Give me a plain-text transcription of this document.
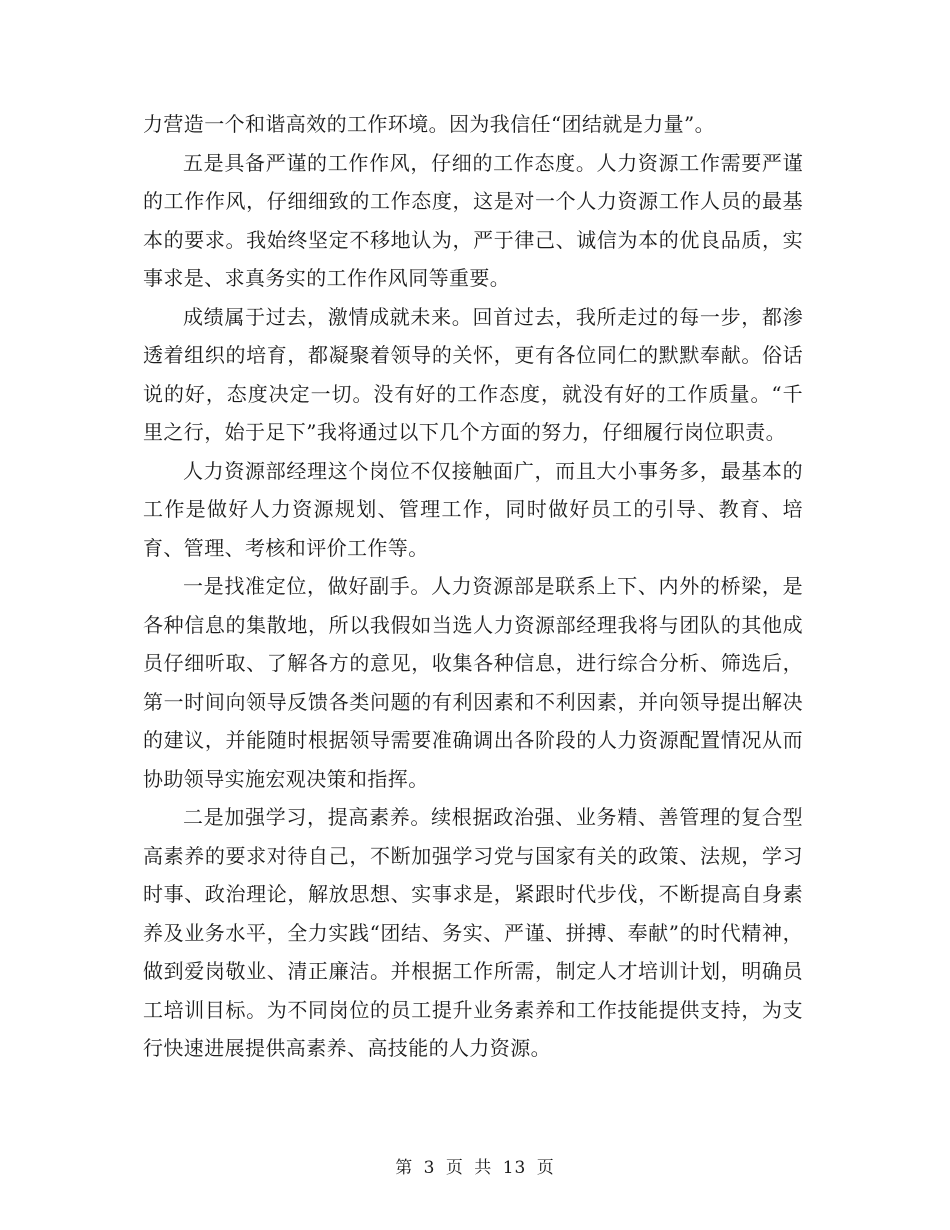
力营造一个和谐高效的工作环境。因为我信任“团结就是力量”。

五是具备严谨的工作作风，仔细的工作态度。人力资源工作需要严谨的工作作风，仔细细致的工作态度，这是对一个人力资源工作人员的最基本的要求。我始终坚定不移地认为，严于律己、诚信为本的优良品质，实事求是、求真务实的工作作风同等重要。

成绩属于过去，激情成就未来。回首过去，我所走过的每一步，都渗透着组织的培育，都凝聚着领导的关怀，更有各位同仁的默默奉献。俗话说的好，态度决定一切。没有好的工作态度，就没有好的工作质量。“千里之行，始于足下”我将通过以下几个方面的努力，仔细履行岗位职责。

人力资源部经理这个岗位不仅接触面广，而且大小事务多，最基本的工作是做好人力资源规划、管理工作，同时做好员工的引导、教育、培育、管理、考核和评价工作等。

一是找准定位，做好副手。人力资源部是联系上下、内外的桥梁，是各种信息的集散地，所以我假如当选人力资源部经理我将与团队的其他成员仔细听取、了解各方的意见，收集各种信息，进行综合分析、筛选后，第一时间向领导反馈各类问题的有利因素和不利因素，并向领导提出解决的建议，并能随时根据领导需要准确调出各阶段的人力资源配置情况从而协助领导实施宏观决策和指挥。

二是加强学习，提高素养。续根据政治强、业务精、善管理的复合型高素养的要求对待自己，不断加强学习党与国家有关的政策、法规，学习时事、政治理论，解放思想、实事求是，紧跟时代步伐，不断提高自身素养及业务水平，全力实践“团结、务实、严谨、拼搏、奉献”的时代精神，做到爱岗敬业、清正廉洁。并根据工作所需，制定人才培训计划，明确员工培训目标。为不同岗位的员工提升业务素养和工作技能提供支持，为支行快速进展提供高素养、高技能的人力资源。

第 3 页 共 13 页
